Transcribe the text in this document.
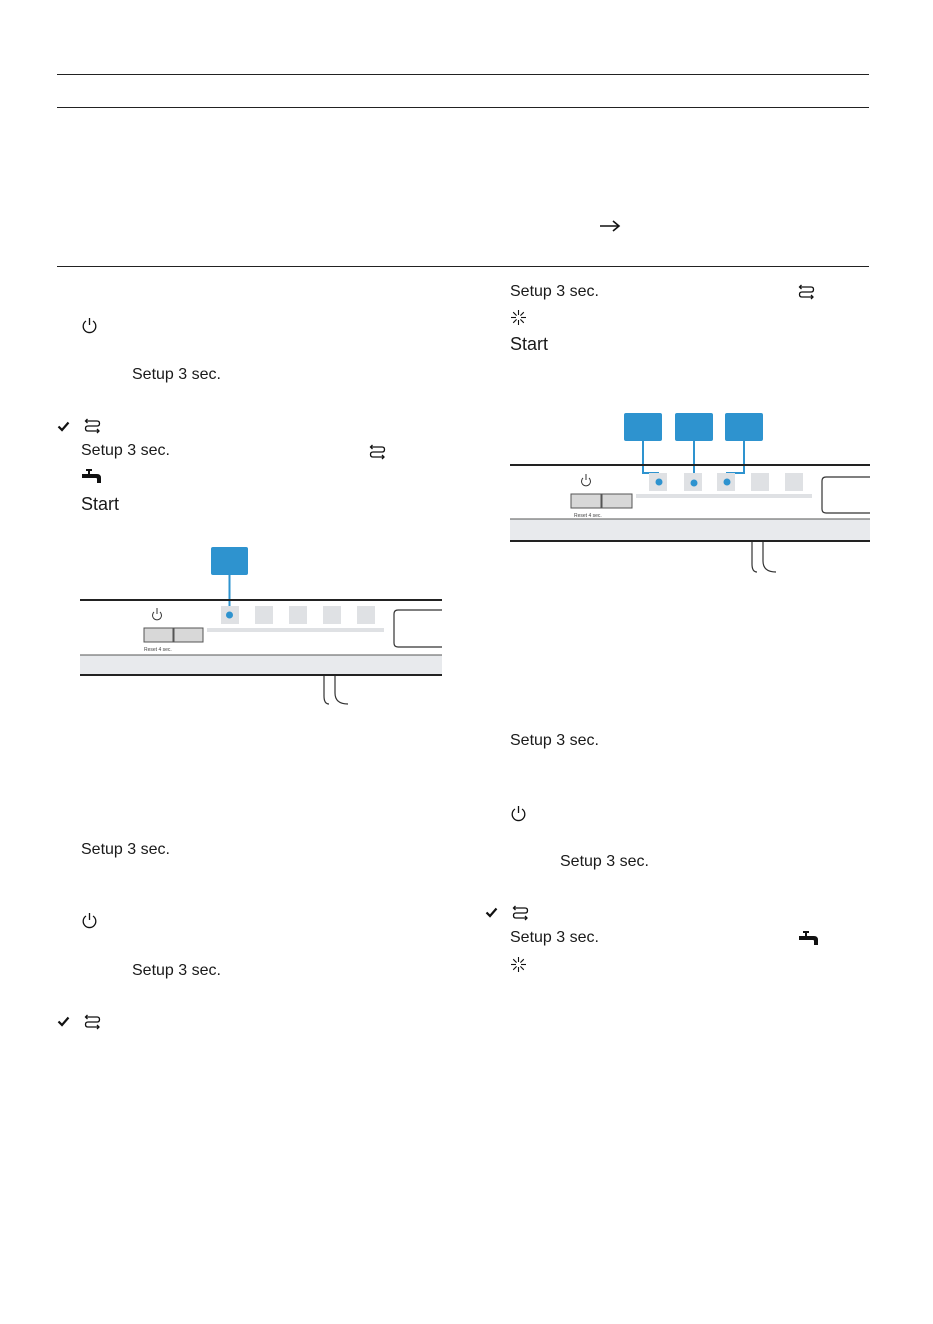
Setup 3 sec.
Setup 3 sec.
Start
Reset 4 sec.
Setup 3 sec.
Setup 3 sec.
Setup 3 sec.
Start
Reset 4 sec.
Setup 3 sec.
Setup 3 sec.
Setup 3 sec.
